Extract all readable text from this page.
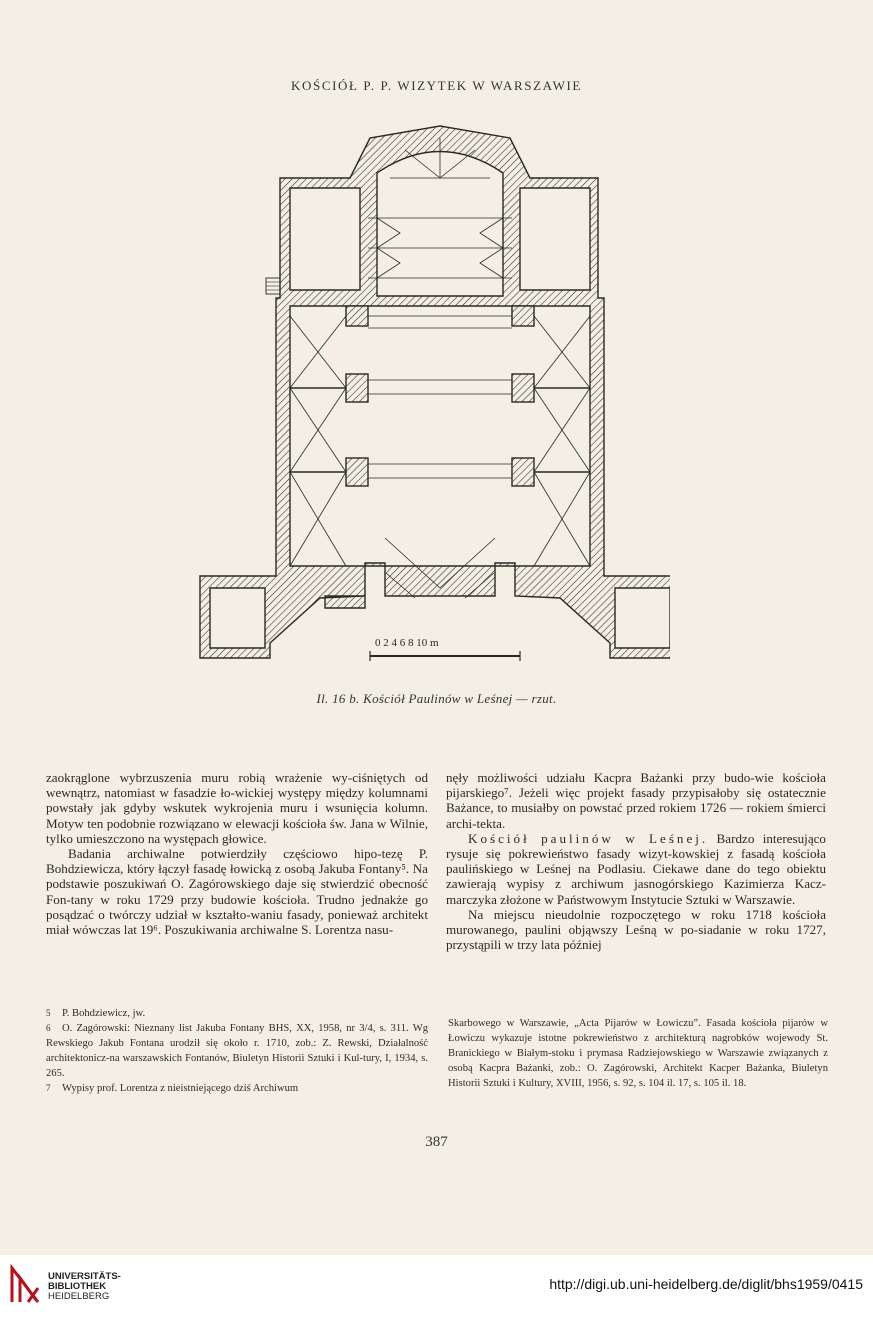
KOŚCIÓŁ P. P. WIZYTEK W WARSZAWIE
0 2 4 6 8 10 m
Il. 16 b. Kościół Paulinów w Leśnej — rzut.

zaokrąglone wybrzuszenia muru robią wrażenie wy-ciśniętych od wewnątrz, natomiast w fasadzie ło-wickiej występy między kolumnami powstały jak gdyby wskutek wykrojenia muru i wsunięcia kolumn. Motyw ten podobnie rozwiązano w elewacji kościoła św. Jana w Wilnie, tylko umieszczono na występach głowice.

Badania archiwalne potwierdziły częściowo hipo-tezę P. Bohdziewicza, który łączył fasadę łowicką z osobą Jakuba Fontany⁵. Na podstawie poszukiwań O. Zagórowskiego daje się stwierdzić obecność Fon-tany w roku 1729 przy budowie kościoła. Trudno jednakże go posądzać o twórczy udział w kształto-waniu fasady, ponieważ architekt miał wówczas lat 19⁶. Poszukiwania archiwalne S. Lorentza nasu-

nęły możliwości udziału Kacpra Bażanki przy budo-wie kościoła pijarskiego⁷. Jeżeli więc projekt fasady przypisałoby się ostatecznie Bażance, to musiałby on powstać przed rokiem 1726 — rokiem śmierci archi-tekta.

Kościół paulinów w Leśnej. Bardzo interesująco rysuje się pokrewieństwo fasady wizyt-kowskiej z fasadą kościoła paulińskiego w Leśnej na Podlasiu. Ciekawe dane do tego obiektu zawierają wypisy z archiwum jasnogórskiego Kazimierza Kacz-marczyka złożone w Państwowym Instytucie Sztuki w Warszawie.

Na miejscu nieudolnie rozpoczętego w roku 1718 kościoła murowanego, paulini objąwszy Leśną w po-siadanie w roku 1727, przystąpili w trzy lata później

5 P. Bohdziewicz, jw.

6 O. Zagórowski: Nieznany list Jakuba Fontany BHS, XX, 1958, nr 3/4, s. 311. Wg Rewskiego Jakub Fontana urodził się około r. 1710, zob.: Z. Rewski, Działalność architektonicz-na warszawskich Fontanów, Biuletyn Historii Sztuki i Kul-tury, I, 1934, s. 265.

7 Wypisy prof. Lorentza z nieistniejącego dziś Archiwum

Skarbowego w Warszawie, „Acta Pijarów w Łowiczu”. Fasada kościoła pijarów w Łowiczu wykazuje istotne pokrewieństwo z architekturą nagrobków wojewody St. Branickiego w Białym-stoku i prymasa Radziejowskiego w Warszawie związanych z osobą Kacpra Bażanki, zob.: O. Zagórowski, Architekt Kacper Bażanka, Biuletyn Historii Sztuki i Kultury, XVIII, 1956, s. 92, s. 104 il. 17, s. 105 il. 18.

387
UNIVERSITÄTS-
BIBLIOTHEK
HEIDELBERG
http://digi.ub.uni-heidelberg.de/diglit/bhs1959/0415
